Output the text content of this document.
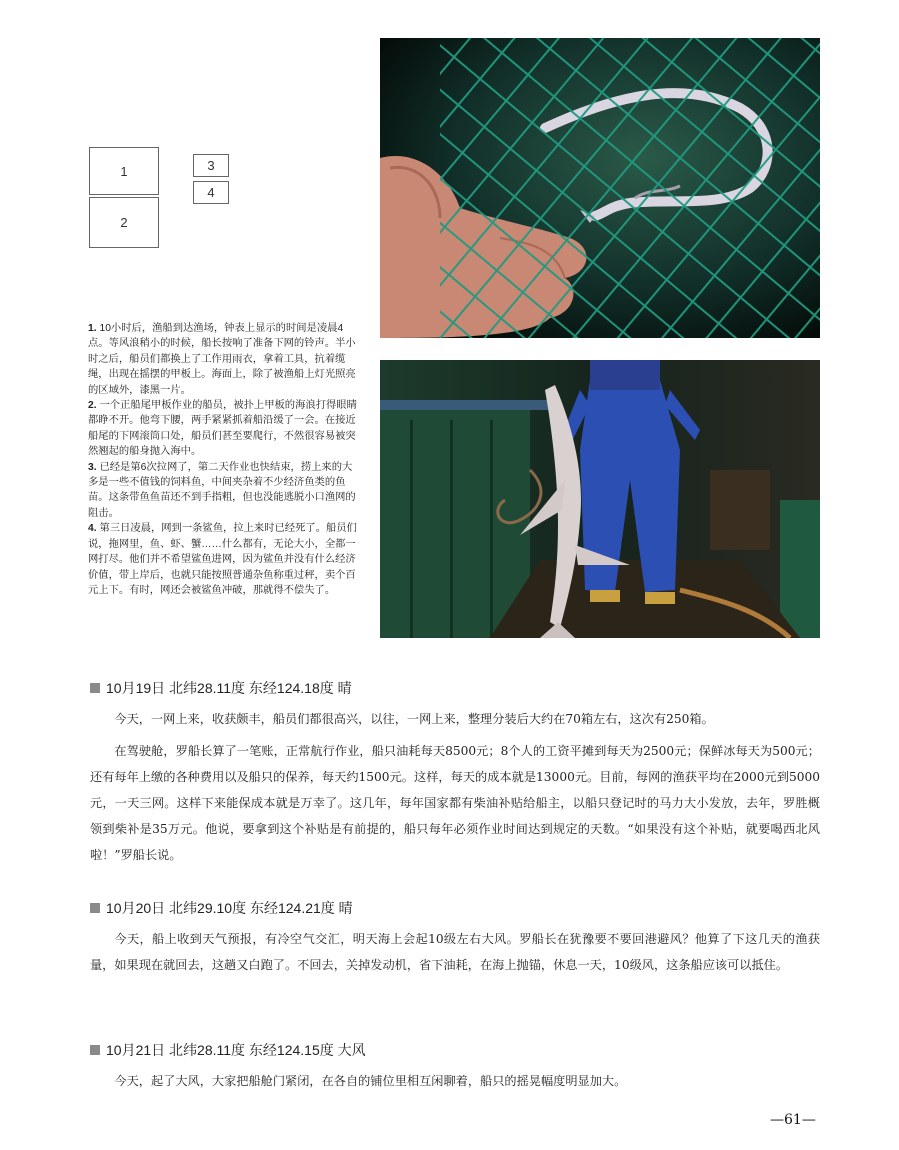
1
2
3
4

1. 10小时后，渔船到达渔场，钟表上显示的时间是凌晨4点。等风浪稍小的时候，船长按响了准备下网的铃声。半小时之后，船员们都换上了工作用雨衣，拿着工具，抗着缆绳，出现在摇摆的甲板上。海面上，除了被渔船上灯光照亮的区域外，漆黑一片。

2. 一个正船尾甲板作业的船员，被扑上甲板的海浪打得眼睛都睁不开。他弯下腰，两手紧紧抓着船沿缓了一会。在接近船尾的下网滚筒口处，船员们甚至要爬行，不然很容易被突然翘起的船身抛入海中。

3. 已经是第6次拉网了，第二天作业也快结束，捞上来的大多是一些不值钱的饲料鱼，中间夹杂着不少经济鱼类的鱼苗。这条带鱼鱼苗还不到手指粗，但也没能逃脱小口渔网的阻击。

4. 第三日凌晨，网到一条鲨鱼，拉上来时已经死了。船员们说，拖网里，鱼、虾、蟹……什么都有，无论大小，全都一网打尽。他们并不希望鲨鱼进网，因为鲨鱼并没有什么经济价值，带上岸后，也就只能按照普通杂鱼称重过秤，卖个百元上下。有时，网还会被鲨鱼冲破，那就得不偿失了。

10月19日 北纬28.11度 东经124.18度 晴

今天，一网上来，收获颇丰，船员们都很高兴，以往，一网上来，整理分装后大约在70箱左右，这次有250箱。

在驾驶舱，罗船长算了一笔账，正常航行作业，船只油耗每天8500元；8个人的工资平摊到每天为2500元；保鲜冰每天为500元；还有每年上缴的各种费用以及船只的保养，每天约1500元。这样，每天的成本就是13000元。目前，每网的渔获平均在2000元到5000元，一天三网。这样下来能保成本就是万幸了。这几年，每年国家都有柴油补贴给船主，以船只登记时的马力大小发放，去年，罗胜概领到柴补是35万元。他说，要拿到这个补贴是有前提的，船只每年必须作业时间达到规定的天数。“如果没有这个补贴，就要喝西北风啦！”罗船长说。

10月20日 北纬29.10度 东经124.21度 晴

今天，船上收到天气预报，有冷空气交汇，明天海上会起10级左右大风。罗船长在犹豫要不要回港避风？他算了下这几天的渔获量，如果现在就回去，这趟又白跑了。不回去，关掉发动机，省下油耗，在海上抛锚，休息一天，10级风，这条船应该可以抵住。

10月21日 北纬28.11度 东经124.15度 大风

今天，起了大风，大家把船舱门紧闭，在各自的铺位里相互闲聊着，船只的摇晃幅度明显加大。

—61—
